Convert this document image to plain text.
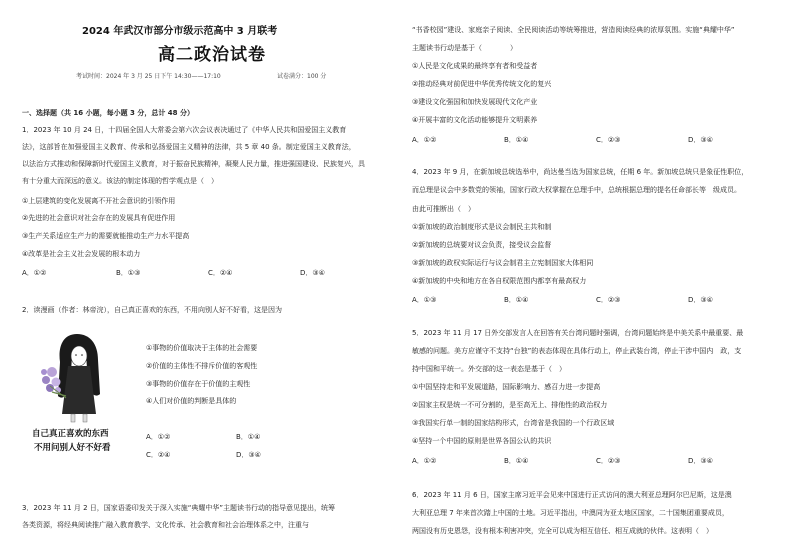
2024 年武汉市部分市级示范高中 3 月联考
高二政治试卷
考试时间：2024 年 3 月 25 日下午 14:30——17:10	试卷满分：100 分
一、选择题（共 16 小题，每小题 3 分，总计 48 分）
1．2023 年 10 月 24 日，十四届全国人大常委会第六次会议表决通过了《中华人民共和国爱国主义教育
法》，这部旨在加强爱国主义教育、传承和弘扬爱国主义精神的法律，共 5 章 40 条。制定爱国主义教育法，
以法治方式推动和保障新时代爱国主义教育，对于振奋民族精神，凝聚人民力量，推进强国建设、民族复兴，具
有十分重大而深远的意义。该法的制定体现的哲学观点是（　）
①上层建筑的变化发展离不开社会意识的引领作用
②先进的社会意识对社会存在的发展具有促进作用
③生产关系适应生产力的需要就能推动生产力水平提高
④改革是社会主义社会发展的根本动力
A．①②	B．①③	C．②④	D．③④
2．读漫画（作者：林帝浣），自己真正喜欢的东西，不用向别人好不好看，这是因为
自己真正喜欢的东西
不用问别人好不好看
①事物的价值取决于主体的社会需要
②价值的主体性不排斥价值的客观性
③事物的价值存在于价值的主观性
④人们对价值的判断是具体的
A．①②	B．①④
C．②④	D．③④
3．2023 年 11 月 2 日，国家语委印发关于深入实施“典耀中华”主题读书行动的指导意见提出，统筹
各类资源，将经典阅读推广融入教育教学、文化传承、社会教育和社会治理体系之中，注重与
“书香校园”建设、家庭亲子阅读、全民阅读活动等统筹推进，营造阅读经典的浓厚氛围。实施“典耀中华”
主题读书行动是基于（　　　　）
①人民是文化成果的最终享有者和受益者
②推动经典对前促进中华优秀传统文化的复兴
③建设文化强国和加快发展现代文化产业
④开展丰富的文化活动能够提升文明素养
A．①②	B．①④	C．②③	D．③④
4．2023 年 9 月，在新加坡总统选举中，尚达曼当选为国家总统，任期 6 年。新加坡总统只是象征性职位，
而总理是议会中多数党的领袖，国家行政大权掌握在总理手中，总统根据总理的提名任命部长等　级成员。
由此可推断出（　）
①新加坡的政治制度形式是议会制民主共和制
②新加坡的总统要对议会负责，接受议会监督
③新加坡的政权实际运行与议会制君主立宪制国家大体相同
④新加坡的中央和地方在各自权限范围内都享有最高权力
A．①③	B．①④	C．②③	D．③④
5．2023 年 11 月 17 日外交部发言人在回答有关台湾问题时强调，台湾问题始终是中美关系中最重要、最
敏感的问题。美方应谨守不支持“台独”的表态体现在具体行动上，停止武装台湾，停止干涉中国内　政，支
持中国和平统一。外交部的这一表态是基于（　）
①中国坚持走和平发展道路，国际影响力、感召力进一步提高
②国家主权是统一不可分割的，是至高无上、排他性的政治权力
③我国实行单一制的国家结构形式，台湾省是我国的一个行政区域
④坚持一个中国的原则是世界各国公认的共识
A．①②	B．①④	C．②③	D．③④
6．2023 年 11 月 6 日，国家主席习近平会见来中国进行正式访问的澳大利亚总理阿尔巴尼斯，这是澳
大利亚总理 7 年来首次踏上中国的土地。习近平指出，中澳同为亚太地区国家，二十国集团重要成员，
两国没有历史恩怨，没有根本利害冲突，完全可以成为相互信任、相互成就的伙伴。这表明（　）
